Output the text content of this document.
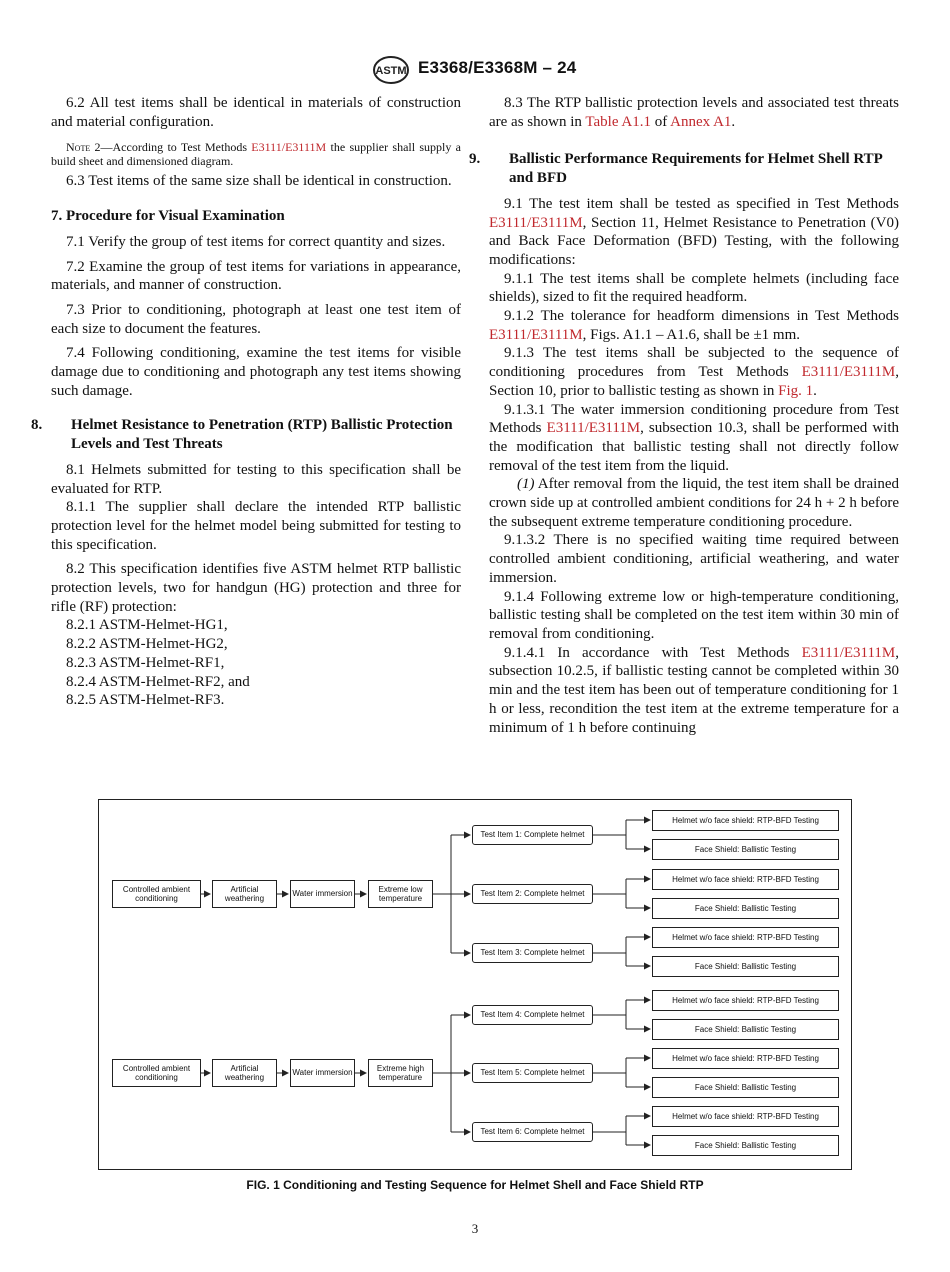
ASTM E3368/E3368M – 24

6.2 All test items shall be identical in materials of construction and material configuration.

Note 2—According to Test Methods E3111/E3111M the supplier shall supply a build sheet and dimensioned diagram.

6.3 Test items of the same size shall be identical in construction.

7. Procedure for Visual Examination

7.1 Verify the group of test items for correct quantity and sizes.

7.2 Examine the group of test items for variations in appearance, materials, and manner of construction.

7.3 Prior to conditioning, photograph at least one test item of each size to document the features.

7.4 Following conditioning, examine the test items for visible damage due to conditioning and photograph any test items showing such damage.

8. Helmet Resistance to Penetration (RTP) Ballistic Protection Levels and Test Threats

8.1 Helmets submitted for testing to this specification shall be evaluated for RTP.

8.1.1 The supplier shall declare the intended RTP ballistic protection level for the helmet model being submitted for testing to this specification.

8.2 This specification identifies five ASTM helmet RTP ballistic protection levels, two for handgun (HG) protection and three for rifle (RF) protection:

8.2.1 ASTM-Helmet-HG1,
8.2.2 ASTM-Helmet-HG2,
8.2.3 ASTM-Helmet-RF1,
8.2.4 ASTM-Helmet-RF2, and
8.2.5 ASTM-Helmet-RF3.

8.3 The RTP ballistic protection levels and associated test threats are as shown in Table A1.1 of Annex A1.

9. Ballistic Performance Requirements for Helmet Shell RTP and BFD

9.1 The test item shall be tested as specified in Test Methods E3111/E3111M, Section 11, Helmet Resistance to Penetration (V0) and Back Face Deformation (BFD) Testing, with the following modifications:

9.1.1 The test items shall be complete helmets (including face shields), sized to fit the required headform.

9.1.2 The tolerance for headform dimensions in Test Methods E3111/E3111M, Figs. A1.1 – A1.6, shall be ±1 mm.

9.1.3 The test items shall be subjected to the sequence of conditioning procedures from Test Methods E3111/E3111M, Section 10, prior to ballistic testing as shown in Fig. 1.

9.1.3.1 The water immersion conditioning procedure from Test Methods E3111/E3111M, subsection 10.3, shall be performed with the modification that ballistic testing shall not directly follow removal of the test item from the liquid.

(1) After removal from the liquid, the test item shall be drained crown side up at controlled ambient conditions for 24 h + 2 h before the subsequent extreme temperature conditioning procedure.

9.1.3.2 There is no specified waiting time required between controlled ambient conditioning, artificial weathering, and water immersion.

9.1.4 Following extreme low or high-temperature conditioning, ballistic testing shall be completed on the test item within 30 min of removal from conditioning.

9.1.4.1 In accordance with Test Methods E3111/E3111M, subsection 10.2.5, if ballistic testing cannot be completed within 30 min and the test item has been out of temperature conditioning for 1 h or less, recondition the test item at the extreme temperature for a minimum of 1 h before continuing

Controlled ambient conditioning
Artificial weathering
Water immersion
Extreme low temperature
Controlled ambient conditioning
Artificial weathering
Water immersion
Extreme high temperature
Test Item 1: Complete helmet
Test Item 2: Complete helmet
Test Item 3: Complete helmet
Test Item 4: Complete helmet
Test Item 5: Complete helmet
Test Item 6: Complete helmet
Helmet w/o face shield: RTP-BFD Testing
Face Shield: Ballistic Testing
Helmet w/o face shield: RTP-BFD Testing
Face Shield: Ballistic Testing
Helmet w/o face shield: RTP-BFD Testing
Face Shield: Ballistic Testing
Helmet w/o face shield: RTP-BFD Testing
Face Shield: Ballistic Testing
Helmet w/o face shield: RTP-BFD Testing
Face Shield: Ballistic Testing
Helmet w/o face shield: RTP-BFD Testing
Face Shield: Ballistic Testing
FIG. 1 Conditioning and Testing Sequence for Helmet Shell and Face Shield RTP
3
